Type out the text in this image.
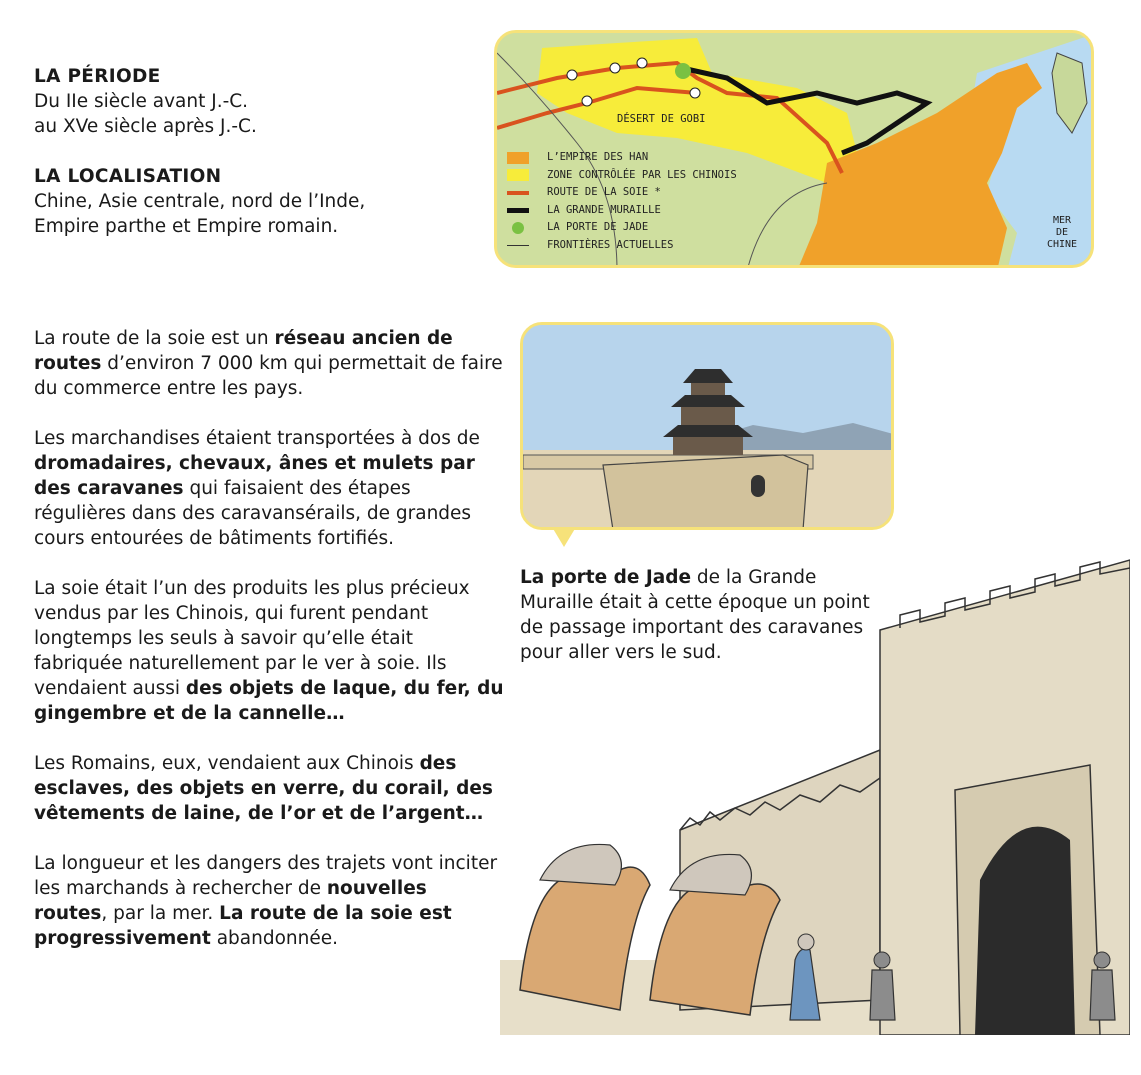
LA PÉRIODE
Du IIe siècle avant J.-C.
au XVe siècle après J.-C.
LA LOCALISATION
Chine, Asie centrale, nord de l’Inde,
Empire parthe et Empire romain.
DÉSERT DE GOBI
MER
DE
CHINE
L’EMPIRE DES HAN
ZONE CONTRÔLÉE PAR LES CHINOIS
ROUTE DE LA SOIE *
LA GRANDE MURAILLE
LA PORTE DE JADE
FRONTIÈRES ACTUELLES

La route de la soie est un réseau ancien de routes d’environ 7 000 km qui permettait de faire du commerce entre les pays.

Les marchandises étaient transportées à dos de dromadaires, chevaux, ânes et mulets par des caravanes qui faisaient des étapes régulières dans des caravansérails, de grandes cours entourées de bâtiments fortifiés.

La soie était l’un des produits les plus précieux vendus par les Chinois, qui furent pendant longtemps les seuls à savoir qu’elle était fabriquée naturellement par le ver à soie. Ils vendaient aussi des objets de laque, du fer, du gingembre et de la cannelle…

Les Romains, eux, vendaient aux Chinois des esclaves, des objets en verre, du corail, des vêtements de laine, de l’or et de l’argent…

La longueur et les dangers des trajets vont inciter les marchands à rechercher de nouvelles routes, par la mer. La route de la soie est progressivement abandonnée.

La porte de Jade de la Grande Muraille était à cette époque un point de passage important des caravanes pour aller vers le sud.
